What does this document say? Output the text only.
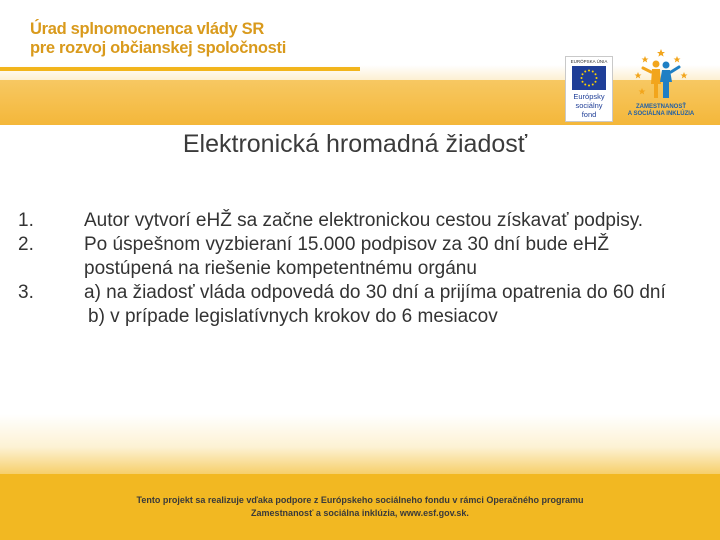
Úrad splnomocnenca vlády SR
pre rozvoj občianskej spoločnosti
EURÓPSKA ÚNIA
Európsky
sociálny
fond
ZAMESTNANOSŤ
A SOCIÁLNA INKLÚZIA
Elektronická hromadná žiadosť
1.	Autor vytvorí eHŽ sa začne elektronickou cestou získavať podpisy.
2.	Po úspešnom vyzbieraní 15.000 podpisov za 30 dní bude eHŽ postúpená na riešenie kompetentnému orgánu
3.	a) na žiadosť vláda odpovedá do 30 dní a prijíma opatrenia do 60 dní
b) v prípade legislatívnych krokov do 6 mesiacov
Tento projekt sa realizuje vďaka podpore z Európskeho sociálneho fondu v rámci Operačného programu
Zamestnanosť a sociálna inklúzia, www.esf.gov.sk.
